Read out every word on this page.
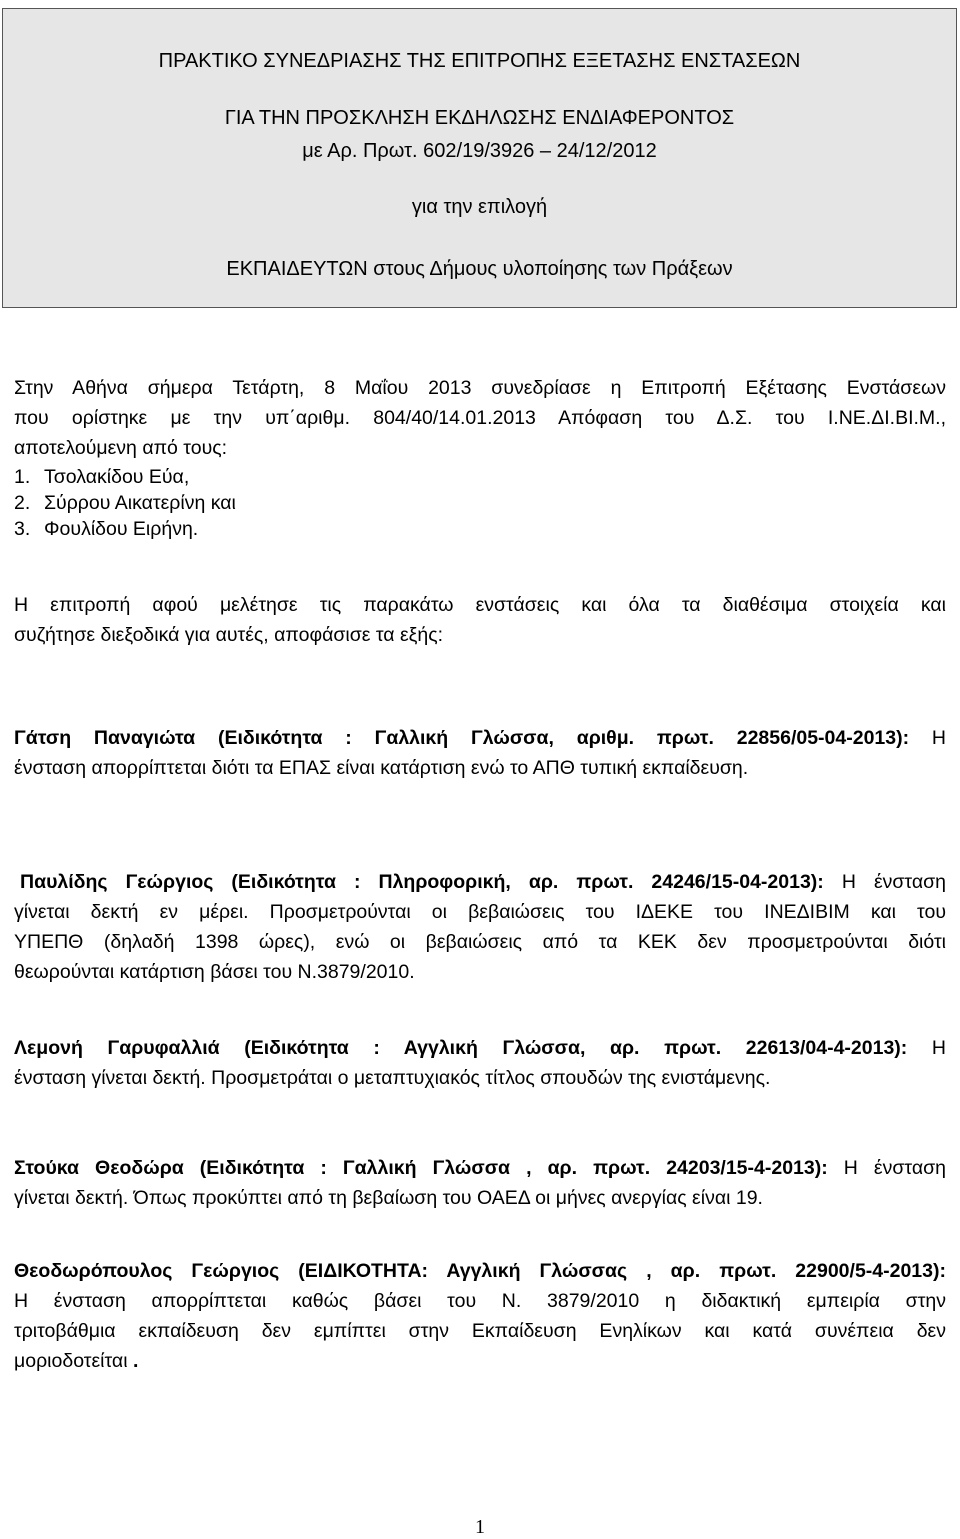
ΠΡΑΚΤΙΚΟ ΣΥΝΕΔΡΙΑΣΗΣ ΤΗΣ ΕΠΙΤΡΟΠΗΣ ΕΞΕΤΑΣΗΣ ΕΝΣΤΑΣΕΩΝ

ΓΙΑ ΤΗΝ ΠΡΟΣΚΛΗΣΗ ΕΚΔΗΛΩΣΗΣ ΕΝΔΙΑΦΕΡΟΝΤΟΣ

με Αρ. Πρωτ. 602/19/3926 – 24/12/2012

για την επιλογή

ΕΚΠΑΙΔΕΥΤΩΝ στους Δήμους υλοποίησης των Πράξεων

Στην Αθήνα σήμερα Τετάρτη, 8 Μαΐου 2013 συνεδρίασε η Επιτροπή Εξέτασης Ενστάσεων
που ορίστηκε με την υπ΄αριθμ. 804/40/14.01.2013 Απόφαση του Δ.Σ. του Ι.ΝΕ.ΔΙ.ΒΙ.Μ.,
αποτελούμενη από τους:
1. Τσολακίδου Εύα,
2. Σύρρου Αικατερίνη και
3. Φουλίδου Ειρήνη.
Η επιτροπή αφού μελέτησε τις παρακάτω ενστάσεις και όλα τα διαθέσιμα στοιχεία και
συζήτησε διεξοδικά για αυτές, αποφάσισε τα εξής:
Γάτση Παναγιώτα (Ειδικότητα : Γαλλική Γλώσσα, αριθμ. πρωτ. 22856/05-04-2013): Η
ένσταση απορρίπτεται διότι τα ΕΠΑΣ είναι κατάρτιση ενώ το ΑΠΘ τυπική εκπαίδευση.
Παυλίδης Γεώργιος (Ειδικότητα : Πληροφορική, αρ. πρωτ. 24246/15-04-2013): Η ένσταση
γίνεται δεκτή εν μέρει. Προσμετρούνται οι βεβαιώσεις του ΙΔΕΚΕ του ΙΝΕΔΙΒΙΜ και του
ΥΠΕΠΘ (δηλαδή 1398 ώρες), ενώ οι βεβαιώσεις από τα ΚΕΚ δεν προσμετρούνται διότι
θεωρούνται κατάρτιση βάσει του Ν.3879/2010.
Λεμονή Γαρυφαλλιά (Ειδικότητα : Αγγλική Γλώσσα, αρ. πρωτ. 22613/04-4-2013): Η
ένσταση γίνεται δεκτή. Προσμετράται ο μεταπτυχιακός τίτλος σπουδών της ενιστάμενης.
Στούκα Θεοδώρα (Ειδικότητα : Γαλλική Γλώσσα , αρ. πρωτ. 24203/15-4-2013): Η ένσταση
γίνεται δεκτή. Όπως προκύπτει από τη βεβαίωση του ΟΑΕΔ οι μήνες ανεργίας είναι 19.
Θεοδωρόπουλος Γεώργιος (ΕΙΔΙΚΟΤΗΤΑ: Αγγλική Γλώσσας , αρ. πρωτ. 22900/5-4-2013):
Η ένσταση απορρίπτεται καθώς βάσει του Ν. 3879/2010 η διδακτική εμπειρία στην
τριτοβάθμια εκπαίδευση δεν εμπίπτει στην Εκπαίδευση Ενηλίκων και κατά συνέπεια δεν
μοριοδοτείται .
1
